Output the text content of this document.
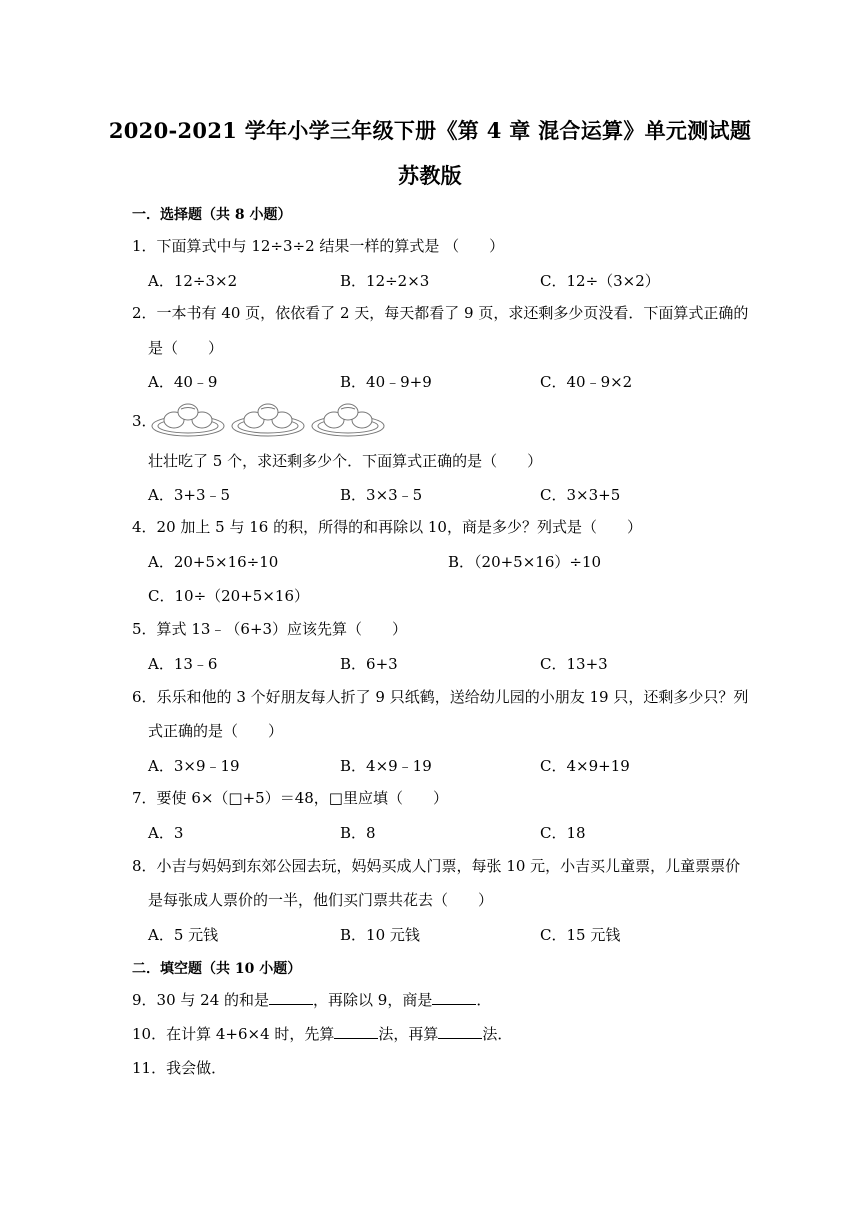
2020-2021 学年小学三年级下册《第 4 章 混合运算》单元测试题
苏教版
一．选择题（共 8 小题）
1．下面算式中与 12÷3÷2 结果一样的算式是 （　　）
A．12÷3×2	B．12÷2×3	C．12÷（3×2）
2．一本书有 40 页，依依看了 2 天，每天都看了 9 页，求还剩多少页没看．下面算式正确的
是（　　）
A．40﹣9	B．40﹣9+9	C．40﹣9×2
3．
壮壮吃了 5 个，求还剩多少个．下面算式正确的是（　　）
A．3+3﹣5	B．3×3﹣5	C．3×3+5
4．20 加上 5 与 16 的积，所得的和再除以 10，商是多少？列式是（　　）
A．20+5×16÷10	B．（20+5×16）÷10
C．10÷（20+5×16）
5．算式 13﹣（6+3）应该先算（　　）
A．13﹣6	B．6+3	C．13+3
6．乐乐和他的 3 个好朋友每人折了 9 只纸鹤，送给幼儿园的小朋友 19 只，还剩多少只？列
式正确的是（　　）
A．3×9﹣19	B．4×9﹣19	C．4×9+19
7．要使 6×（□+5）＝48，□里应填（　　）
A．3	B．8	C．18
8．小吉与妈妈到东郊公园去玩，妈妈买成人门票，每张 10 元，小吉买儿童票，儿童票票价
是每张成人票价的一半，他们买门票共花去（　　）
A．5 元钱	B．10 元钱	C．15 元钱
二．填空题（共 10 小题）
9．30 与 24 的和是	，再除以 9，商是	．
10．在计算 4+6×4 时，先算	法，再算	法．
11．我会做．
